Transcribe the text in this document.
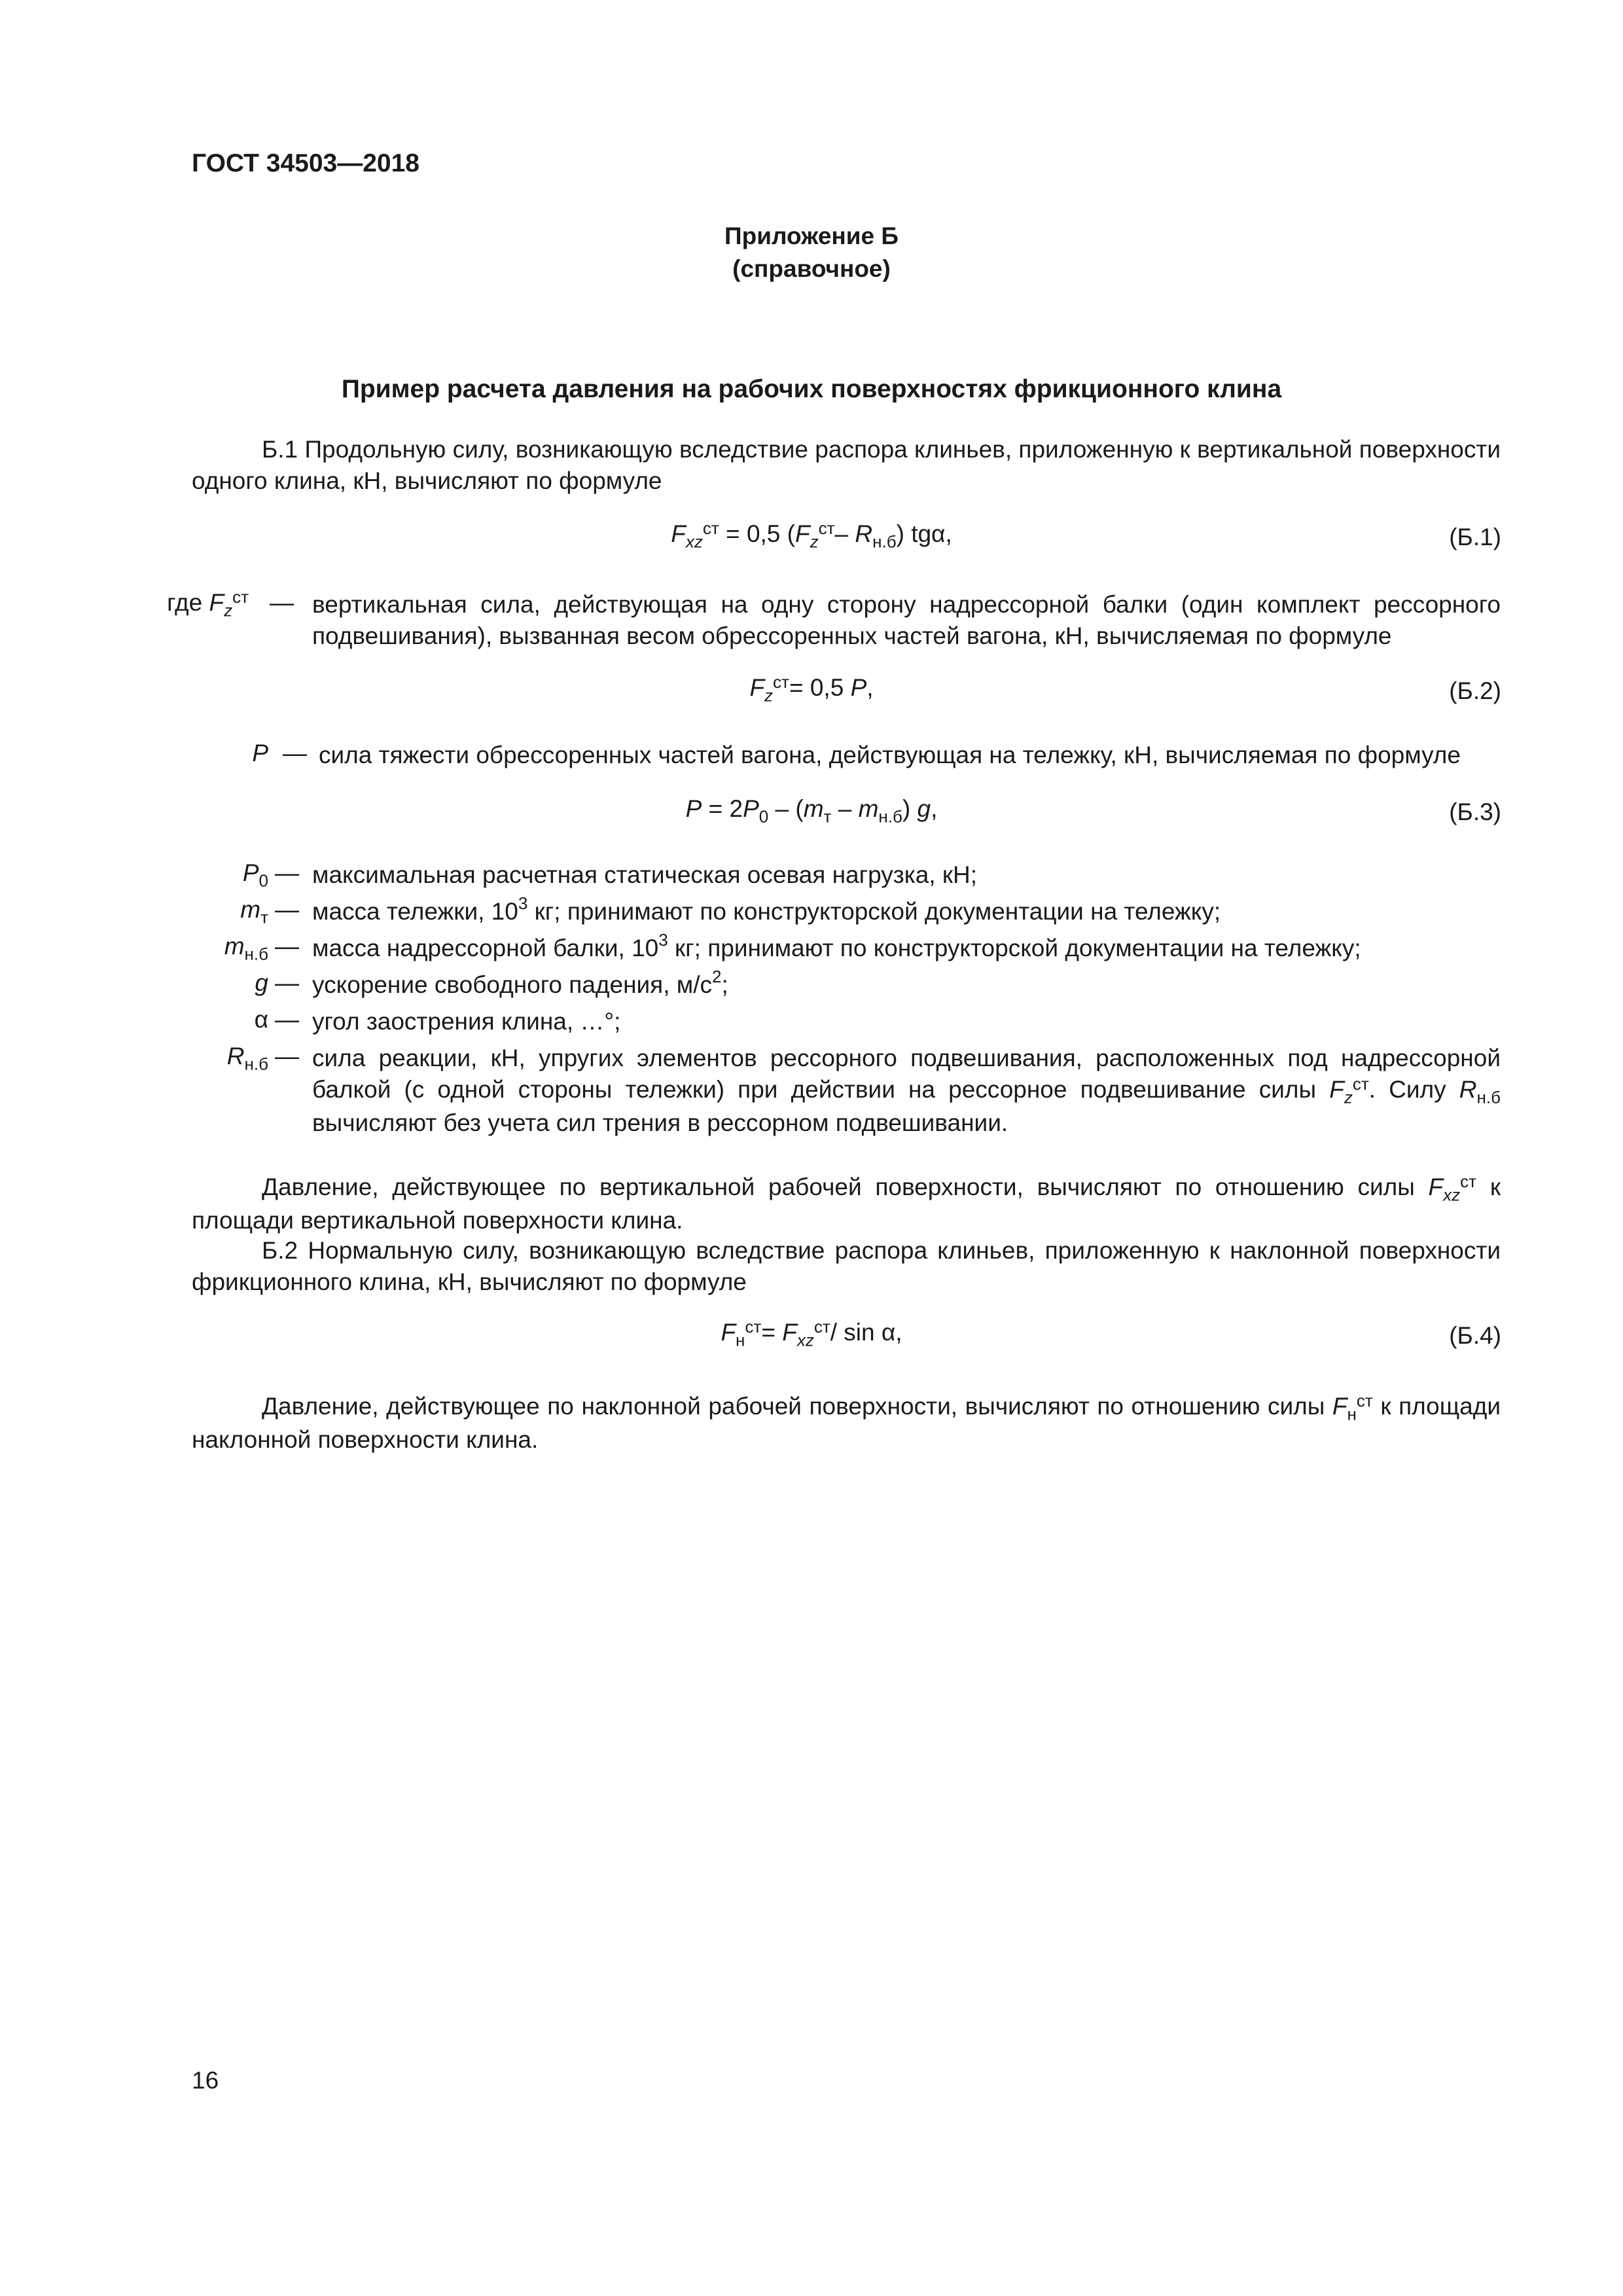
ГОСТ 34503—2018
Приложение Б
(справочное)
Пример расчета давления на рабочих поверхностях фрикционного клина
Б.1 Продольную силу, возникающую вследствие распора клиньев, приложенную к вертикальной поверхности одного клина, кН, вычисляют по формуле
$F_{xz}^{ст} = 0,5$ ($F_z^{ст}-$ $R_{н.б}$) tgα,	(Б.1)
где $F_z^{ст}$ — вертикальная сила, действующая на одну сторону надрессорной балки (один комплект рессорного подвешивания), вызванная весом обрессоренных частей вагона, кН, вычисляемая по формуле
$F_z^{ст}= 0,5$ P,	(Б.2)
P — сила тяжести обрессоренных частей вагона, действующая на тележку, кН, вычисляемая по формуле
$P = 2P_0 - (m_т - m_{н.б})$ g,	(Б.3)
$P_0$ — максимальная расчетная статическая осевая нагрузка, кН;
$m_т$ — масса тележки, $10^3$ кг; принимают по конструкторской документации на тележку;
$m_{н.б}$ — масса надрессорной балки, $10^3$ кг; принимают по конструкторской документации на тележку;
g — ускорение свободного падения, $м/с^2$;
α — угол заострения клина, …°;
$R_{н.б}$ — сила реакции, кН, упругих элементов рессорного подвешивания, расположенных под надрессорной балкой (с одной стороны тележки) при действии на рессорное подвешивание силы $F_z^{ст}$. Силу $R_{н.б}$ вычисляют без учета сил трения в рессорном подвешивании.
Давление, действующее по вертикальной рабочей поверхности, вычисляют по отношению силы $F_{xz}^{ст}$ к площади вертикальной поверхности клина.
Б.2 Нормальную силу, возникающую вследствие распора клиньев, приложенную к наклонной поверхности фрикционного клина, кН, вычисляют по формуле
$F_н^{ст}= F_{xz}^{ст}/$ sin α,	(Б.4)
Давление, действующее по наклонной рабочей поверхности, вычисляют по отношению силы $F_н^{ст}$ к площади наклонной поверхности клина.
16
